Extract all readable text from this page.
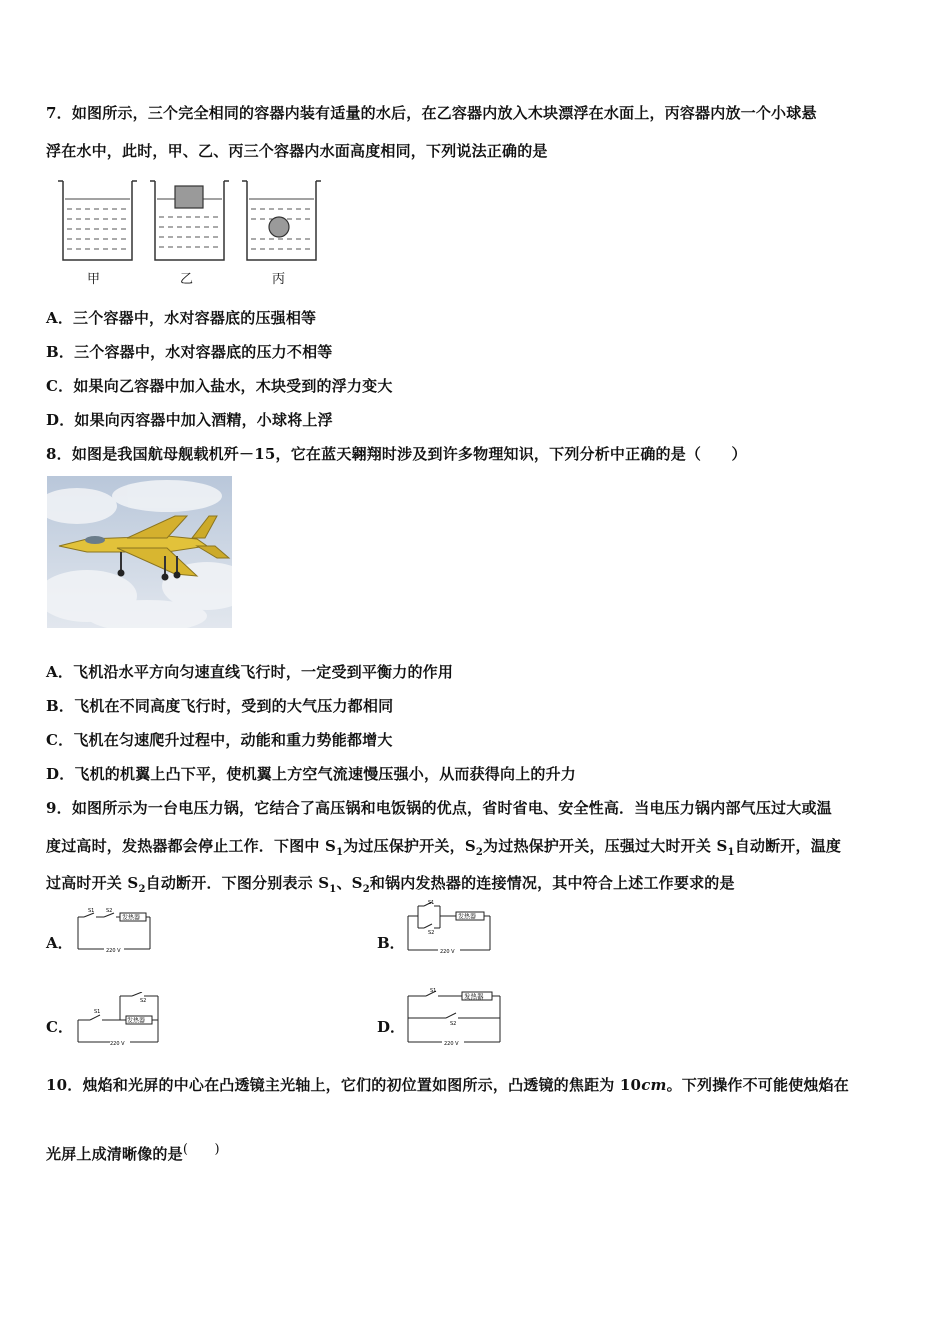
7．如图所示，三个完全相同的容器内装有适量的水后，在乙容器内放入木块漂浮在水面上，丙容器内放一个小球悬
浮在水中，此时，甲、乙、丙三个容器内水面高度相同，下列说法正确的是
甲	乙	丙
A．三个容器中，水对容器底的压强相等
B．三个容器中，水对容器底的压力不相等
C．如果向乙容器中加入盐水，木块受到的浮力变大
D．如果向丙容器中加入酒精，小球将上浮
8．如图是我国航母舰载机歼－15，它在蓝天翱翔时涉及到许多物理知识，下列分析中正确的是（　　）
A．飞机沿水平方向匀速直线飞行时，一定受到平衡力的作用
B．飞机在不同高度飞行时，受到的大气压力都相同
C．飞机在匀速爬升过程中，动能和重力势能都增大
D．飞机的机翼上凸下平，使机翼上方空气流速慢压强小，从而获得向上的升力
9．如图所示为一台电压力锅，它结合了高压锅和电饭锅的优点，省时省电、安全性高．当电压力锅内部气压过大或温
度过高时，发热器都会停止工作．下图中 $S_1$为过压保护开关，$S_2$为过热保护开关，压强过大时开关 $S_1$自动断开，温度
过高时开关 $S_2$自动断开．下图分别表示 $S_1$、$S_2$和锅内发热器的连接情况，其中符合上述工作要求的是
A．	B．
C．	D．
S1 S2
发热器
220 V
S1
S2
发热器
220 V
S1
S2
发热器
220 V
S1
S2
发热器
220 V
10．烛焰和光屏的中心在凸透镜主光轴上，它们的初位置如图所示，凸透镜的焦距为 10cm。下列操作不可能使烛焰在
光屏上成清晰像的是(　　)
